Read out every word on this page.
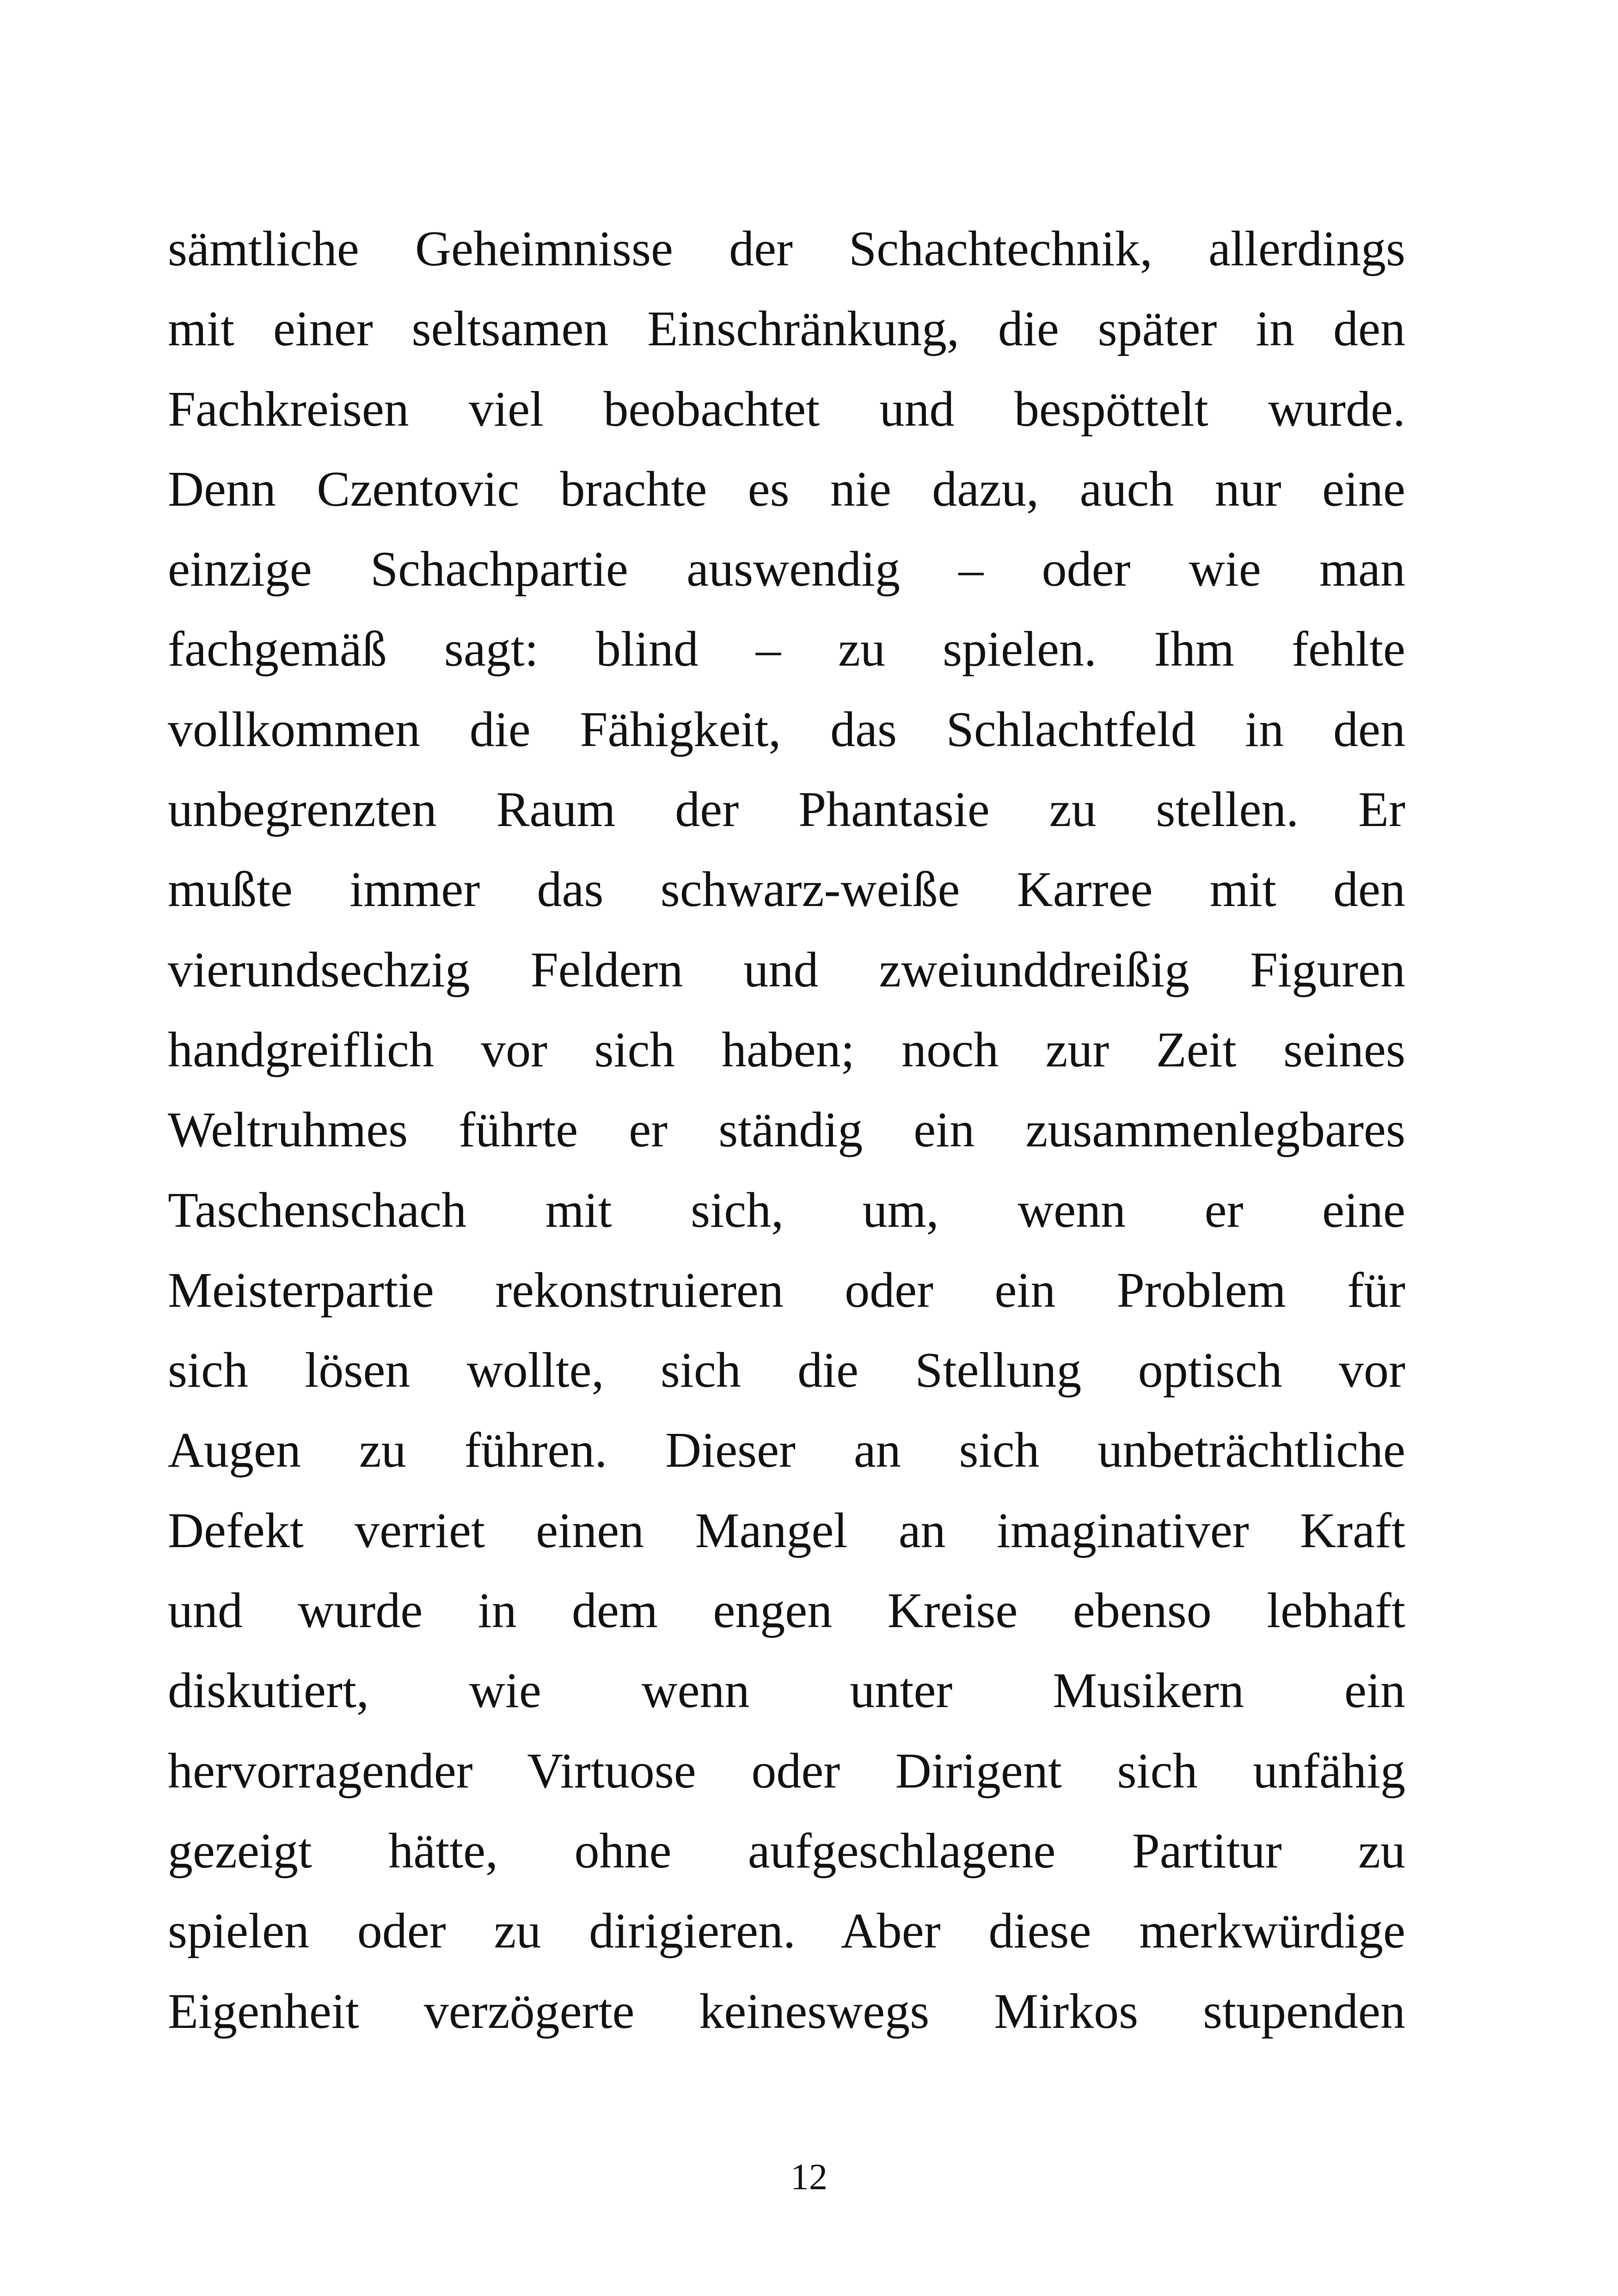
sämtliche Geheimnisse der Schachtechnik, allerdings
mit einer seltsamen Einschränkung, die später in den
Fachkreisen viel beobachtet und bespöttelt wurde.
Denn Czentovic brachte es nie dazu, auch nur eine
einzige Schachpartie auswendig – oder wie man
fachgemäß sagt: blind – zu spielen. Ihm fehlte
vollkommen die Fähigkeit, das Schlachtfeld in den
unbegrenzten Raum der Phantasie zu stellen. Er
mußte immer das schwarz-weiße Karree mit den
vierundsechzig Feldern und zweiunddreißig Figuren
handgreiflich vor sich haben; noch zur Zeit seines
Weltruhmes führte er ständig ein zusammenlegbares
Taschenschach mit sich, um, wenn er eine
Meisterpartie rekonstruieren oder ein Problem für
sich lösen wollte, sich die Stellung optisch vor
Augen zu führen. Dieser an sich unbeträchtliche
Defekt verriet einen Mangel an imaginativer Kraft
und wurde in dem engen Kreise ebenso lebhaft
diskutiert, wie wenn unter Musikern ein
hervorragender Virtuose oder Dirigent sich unfähig
gezeigt hätte, ohne aufgeschlagene Partitur zu
spielen oder zu dirigieren. Aber diese merkwürdige
Eigenheit verzögerte keineswegs Mirkos stupenden
12
